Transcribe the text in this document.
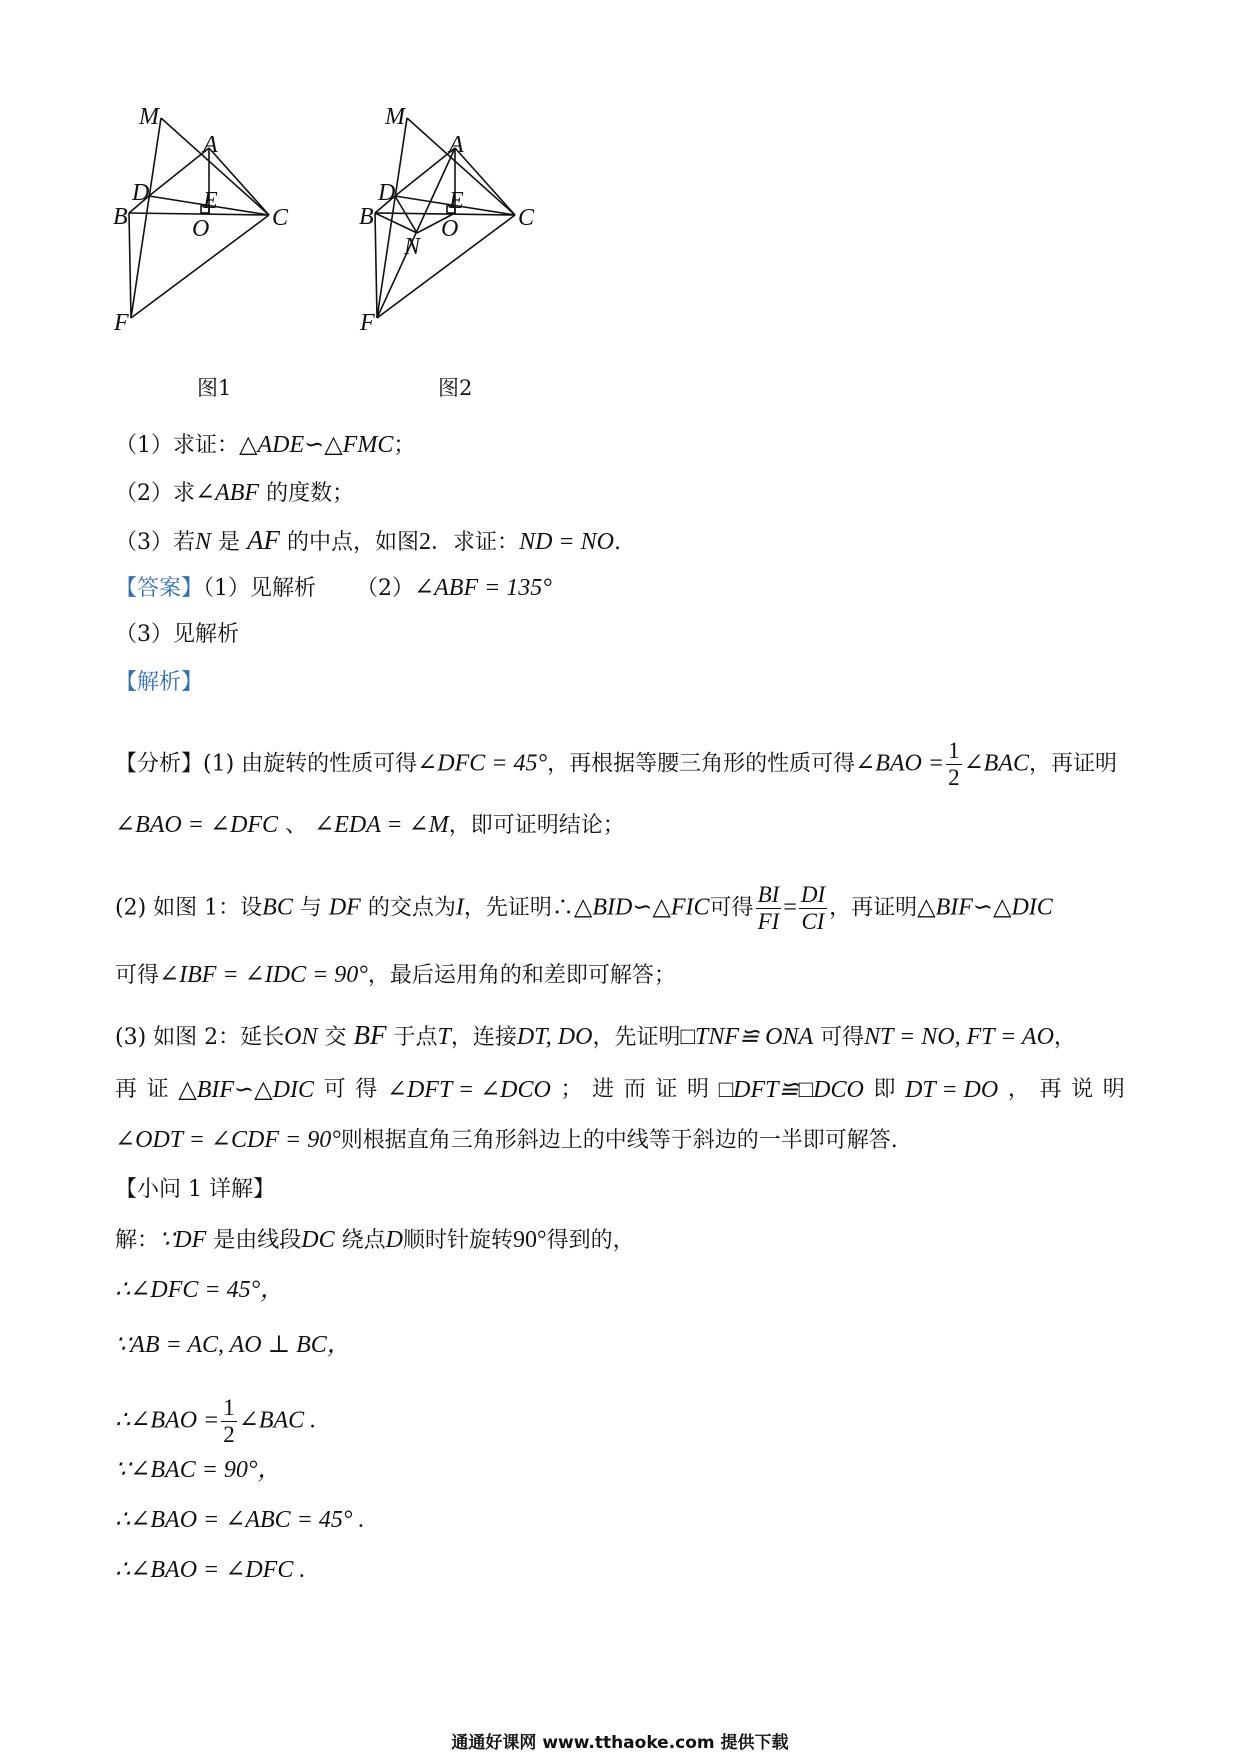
M
A
D E
B	O	C
F
图1
M
A
D E
B	O C
N
F
图2
（1）求证：△ADE∽△FMC；
（2）求∠ABF 的度数；
（3）若N 是 AF 的中点，如图2．求证：ND = NO.
【答案】（1）见解析 （2）∠ABF = 135°
（3）见解析
【解析】
【分析】(1) 由旋转的性质可得∠DFC = 45°，再根据等腰三角形的性质可得∠BAO = $\frac{1}{2}$ ∠BAC，再证明
∠BAO = ∠DFC 、 ∠EDA = ∠M，即可证明结论；
(2) 如图 1：设BC 与 DF 的交点为I，先证明∴△BID∽△FIC可得 $\frac{BI}{FI} = \frac{DI}{CI}$ ，再证明△BIF∽△DIC
可得∠IBF = ∠IDC = 90°，最后运用角的和差即可解答；
(3) 如图 2：延长ON 交 BF 于点T，连接DT, DO，先证明□TNF≌ ONA 可得NT = NO, FT = AO，
再 证 △BIF∽△DIC 可 得 ∠DFT = ∠DCO ； 进 而 证 明 □DFT≌□DCO 即 DT = DO ， 再 说 明
∠ODT = ∠CDF = 90°则根据直角三角形斜边上的中线等于斜边的一半即可解答.
【小问 1 详解】
解：∵DF 是由线段DC 绕点D顺时针旋转90°得到的，
∴∠DFC = 45°，
∵AB = AC, AO ⊥ BC，
∴∠BAO = $\frac{1}{2}$ ∠BAC .
∵∠BAC = 90°，
∴∠BAO = ∠ABC = 45° .
∴∠BAO = ∠DFC .
通通好课网 www.tthaoke.com 提供下载
